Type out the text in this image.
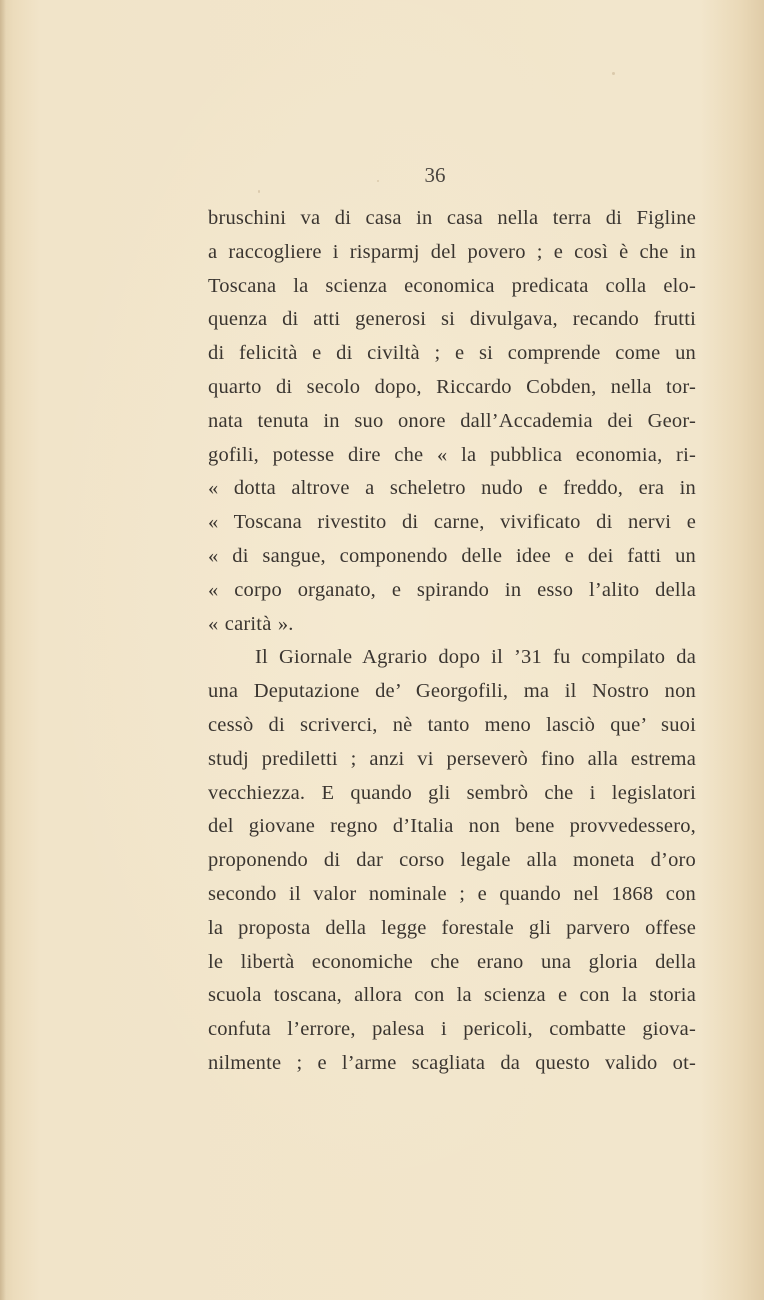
36
bruschini va di casa in casa nella terra di Figline
a raccogliere i risparmj del povero ; e così è che in
Toscana la scienza economica predicata colla elo-
quenza di atti generosi si divulgava, recando frutti
di felicità e di civiltà ; e si comprende come un
quarto di secolo dopo, Riccardo Cobden, nella tor-
nata tenuta in suo onore dall’Accademia dei Geor-
gofili, potesse dire che « la pubblica economia, ri-
« dotta altrove a scheletro nudo e freddo, era in
« Toscana rivestito di carne, vivificato di nervi e
« di sangue, componendo delle idee e dei fatti un
« corpo organato, e spirando in esso l’alito della
« carità ».
Il Giornale Agrario dopo il ’31 fu compilato da
una Deputazione de’ Georgofili, ma il Nostro non
cessò di scriverci, nè tanto meno lasciò que’ suoi
studj prediletti ; anzi vi perseverò fino alla estrema
vecchiezza. E quando gli sembrò che i legislatori
del giovane regno d’Italia non bene provvedessero,
proponendo di dar corso legale alla moneta d’oro
secondo il valor nominale ; e quando nel 1868 con
la proposta della legge forestale gli parvero offese
le libertà economiche che erano una gloria della
scuola toscana, allora con la scienza e con la storia
confuta l’errore, palesa i pericoli, combatte giova-
nilmente ; e l’arme scagliata da questo valido ot-
